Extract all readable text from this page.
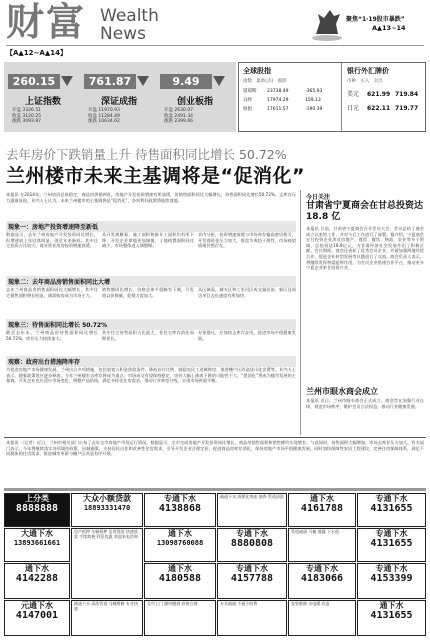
财富 Wealth
News
【A▲12~A▲14】
聚焦“1·19股市暴跌”
A▲13~14
260.15
上证指数
开盘 3326.51
收盘 3120.25
涨跌 3093.87
761.87
深证成指
开盘 11970.93
收盘 11284.49
涨跌 10634.62
9.49
创业板指
开盘 2630.07
收盘 2491.34
涨跌 2399.66
全球股指	银行外汇牌价
指数   最新(点)   涨跌	币种   买入   卖出
道琼斯 23738.49	-365.93
日经	17974.29	159.13
恒指	17611.57	-190.39
美元 621.99 719.84
日元 622.11 719.77
去年房价下跌销量上升 待售面积同比增长 50.72%
兰州楼市未来主基调将是“促消化”
本报讯 在2014年，兰州房价总体稳定，商品房供销两旺，房地产开发投资增速有所放缓，但销售面积同比大幅增长，待售面积同比增长50.72%，去库存压力逐渐显现。业内人士认为，未来兰州楼市的主基调将是“促消化”，各项利好政策将陆续落地。
现象一：房地产投资增速降至新低
数据显示，去年兰州房地产开发投资同比增长，但增速较上年回落明显，创近年来新低。其中住宅投资占比较大，商业营业用房投资增速放缓。
从开发规模看，施工面积和新开工面积均有所下降，开发企业拿地更加谨慎，土地购置面积同比减少，市场整体进入调整期。
业内分析，投资增速放缓与市场库存偏高密切相关，开发商资金压力加大，推盘节奏趋于理性，市场观望情绪仍然存在。
现象二：去年商品房销售面积同比大增
去年兰州商品房销售面积同比大幅增长，其中住宅销售面积增长明显，刚需购房成为市场主力。
销售额同比增长，价格总体平稳略有下调，开发商以价换量，促销力度加大。
从区域看，城关区和七里河区成交量居前，新区及周边项目去化速度有所加快。
现象三：待售面积同比增长 50.72%
截至去年末，兰州商品房待售面积同比增长50.72%，库存压力持续加大。
其中住宅待售面积占比最大，非住宅库存消化周期更长。
专家建议，应加快去库存步伐，促进市场平稳健康发展。
观察：政府出台措施降库存
为促进房地产市场健康发展，兰州出台多项措施，包括放宽公积金贷款条件、降低首付比例、鼓励农民工进城购房、推进棚户区改造货币化安置等。业内人士表示，随着政策效应逐步释放，今年兰州楼市去库存将成为重点，市场成交有望保持稳定，房价大幅上涨或下跌的可能性不大，“促消化”将成为楼市发展的主基调。开发企业也应适应市场变化，调整产品结构，满足多样化住房需求，推动行业转型升级，实现市场供需平衡。
今日关注
甘肃省宁夏商会在甘总投资达 18.8 亿
本报讯 日前，甘肃省宁夏商会召开会员大会。会议总结了商会成立以来的工作，并对今后工作进行了部署。据介绍，宁夏商会在甘投资企业涉及房地产、商贸、餐饮、物流、农业等多个领域，总投资达18.8亿元，为甘肃经济社会发展作出了积极贡献。会议期间，商会还表彰了优秀会员企业，并就加强两地经贸合作、促进企业转型发展等议题进行了交流。商会负责人表示，将继续发挥桥梁纽带作用，为会员企业搭建合作平台，推动更多宁夏企业来甘投资兴业。
兰州市眼水商会成立
本报讯 近日，兰州市眼水商会正式成立。商会旨在加强行业自律，规范市场秩序，维护会员合法权益，推动行业健康发展。
本报讯 （记者）近日，兰州市相关部门公布了去年全市房地产市场运行情况。数据显示，全市完成房地产开发投资同比增长，商品房销售面积和销售额均实现增长。与此同时，待售面积大幅增加，市场去库存压力加大。有关部门表示，今年将继续落实各项调控政策，因城施策，支持居民自住和改善性住房需求，引导开发企业合理定价，促进商品房库存消化，保持房地产市场平稳健康发展。同时加快保障性安居工程建设，完善住房保障体系，满足不同群体的住房需求，推进城市更新与棚户区改造有序开展。
上分类
8888888
大通下水
13893661661
通下水
4142288
元通下水
4147001
大众小额贷款
18893331470
房产抵押 车辆抵押 信用贷款 快速放款 手续简便 利息优惠 欢迎来电咨询
疏通下水 清洗管道 马桶维修 专业快速
专通下水
4138868
通下水
13098760088
通下水
4180588
全市上门 随叫随到 价格合理
疏通下水 清理化粪池 抽粪 管道清洗
专通下水
8880808
专通下水
4157788
专业疏通 不通不收费
通下水
4161788
管道疏通 马桶 地漏 下水道
专通下水
4183066
安装维修 水电暖 改造
专通下水
4131655
专通下水
4131655
专通下水
4153399
通下水
4131655
